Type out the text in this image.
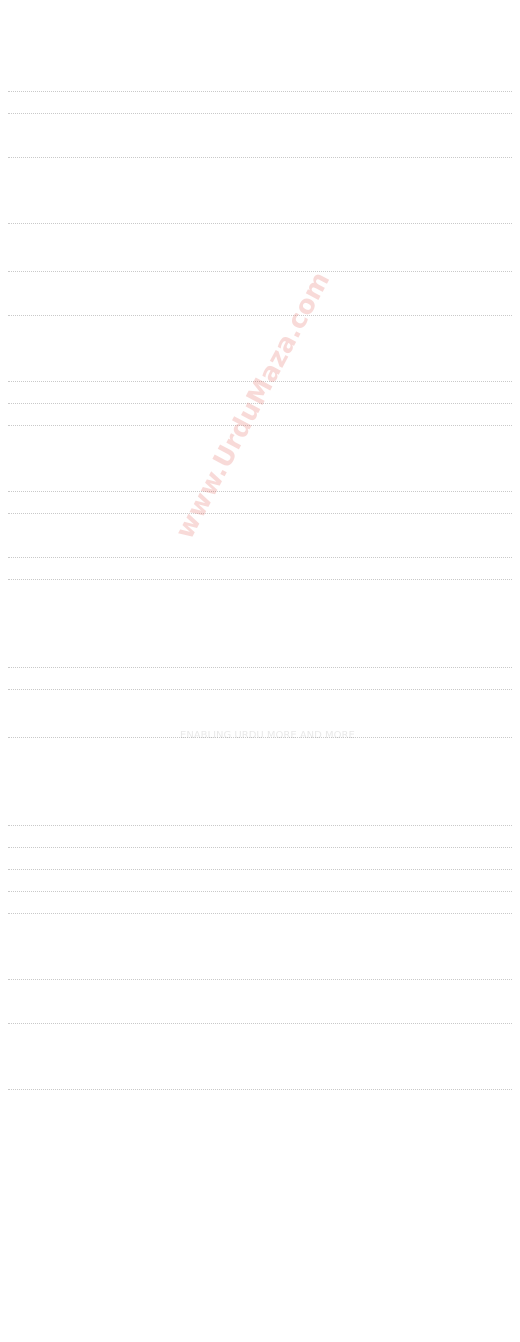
www.UrduMaza.com
ENABLING URDU MORE AND MORE
